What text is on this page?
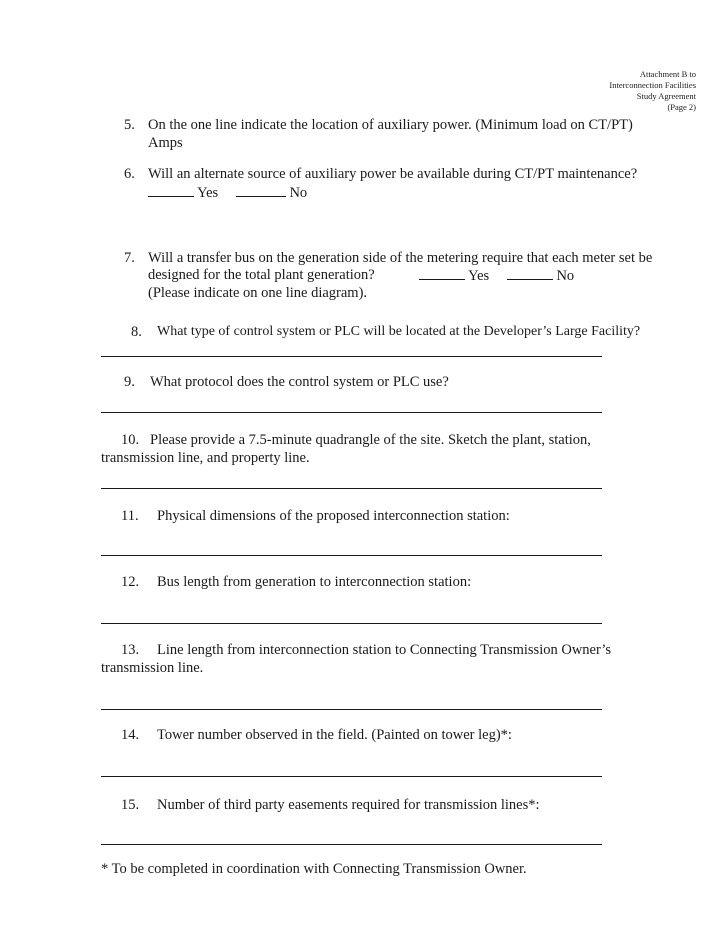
Attachment B to
Interconnection Facilities
Study Agreement
(Page 2)
5. On the one line indicate the location of auxiliary power. (Minimum load on CT/PT)
Amps
6. Will an alternate source of auxiliary power be available during CT/PT maintenance?
Yes	No
7. Will a transfer bus on the generation side of the metering require that each meter set be
designed for the total plant generation?	Yes	No
(Please indicate on one line diagram).
8. What type of control system or PLC will be located at the Developer’s Large Facility?
9. What protocol does the control system or PLC use?
10. Please provide a 7.5-minute quadrangle of the site. Sketch the plant, station,
transmission line, and property line.
11. Physical dimensions of the proposed interconnection station:
12. Bus length from generation to interconnection station:
13. Line length from interconnection station to Connecting Transmission Owner’s
transmission line.
14. Tower number observed in the field. (Painted on tower leg)*:
15. Number of third party easements required for transmission lines*:
* To be completed in coordination with Connecting Transmission Owner.
